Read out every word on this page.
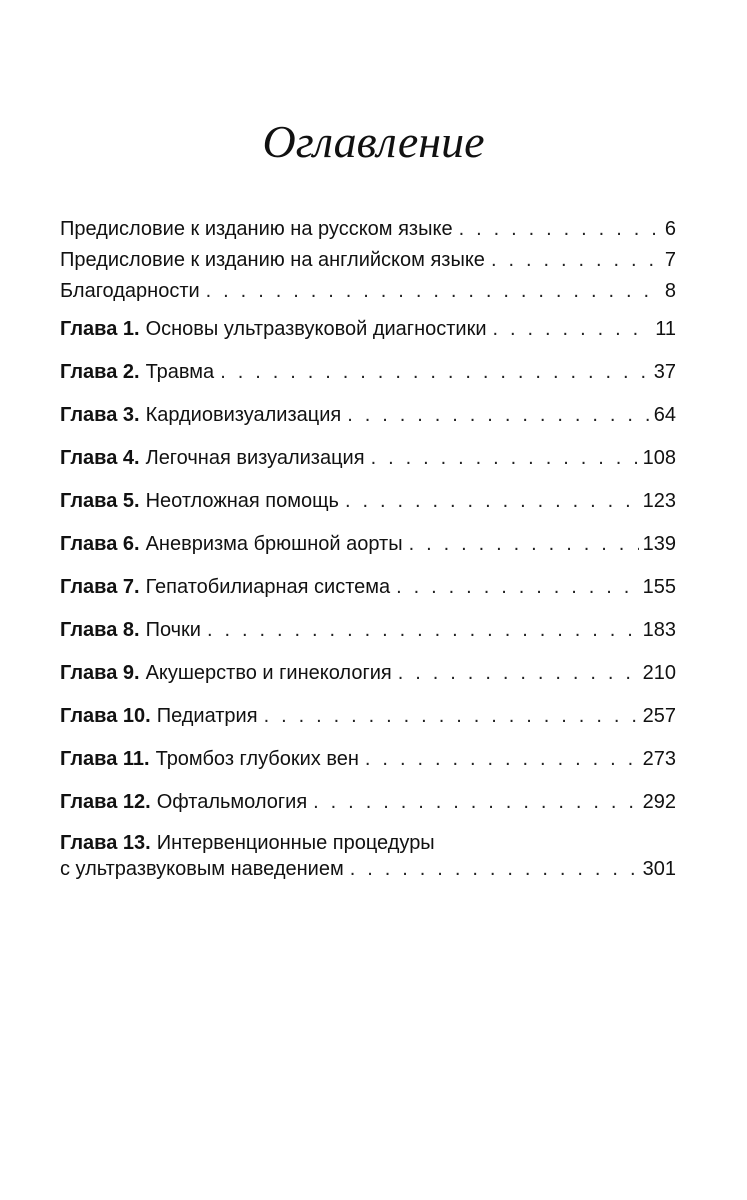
Оглавление
Предисловие к изданию на русском языке . . .	6
Предисловие к изданию на английском языке . . .	7
Благодарности . . .	8
Глава 1. Основы ультразвуковой диагностики . . .	11
Глава 2. Травма . . .	37
Глава 3. Кардиовизуализация . . .	64
Глава 4. Легочная визуализация . . .	108
Глава 5. Неотложная помощь . . .	123
Глава 6. Аневризма брюшной аорты . . .	139
Глава 7. Гепатобилиарная система . . .	155
Глава 8. Почки . . .	183
Глава 9. Акушерство и гинекология . . .	210
Глава 10. Педиатрия . . .	257
Глава 11. Тромбоз глубоких вен . . .	273
Глава 12. Офтальмология . . .	292
Глава 13. Интервенционные процедуры
с ультразвуковым наведением . . .	301
